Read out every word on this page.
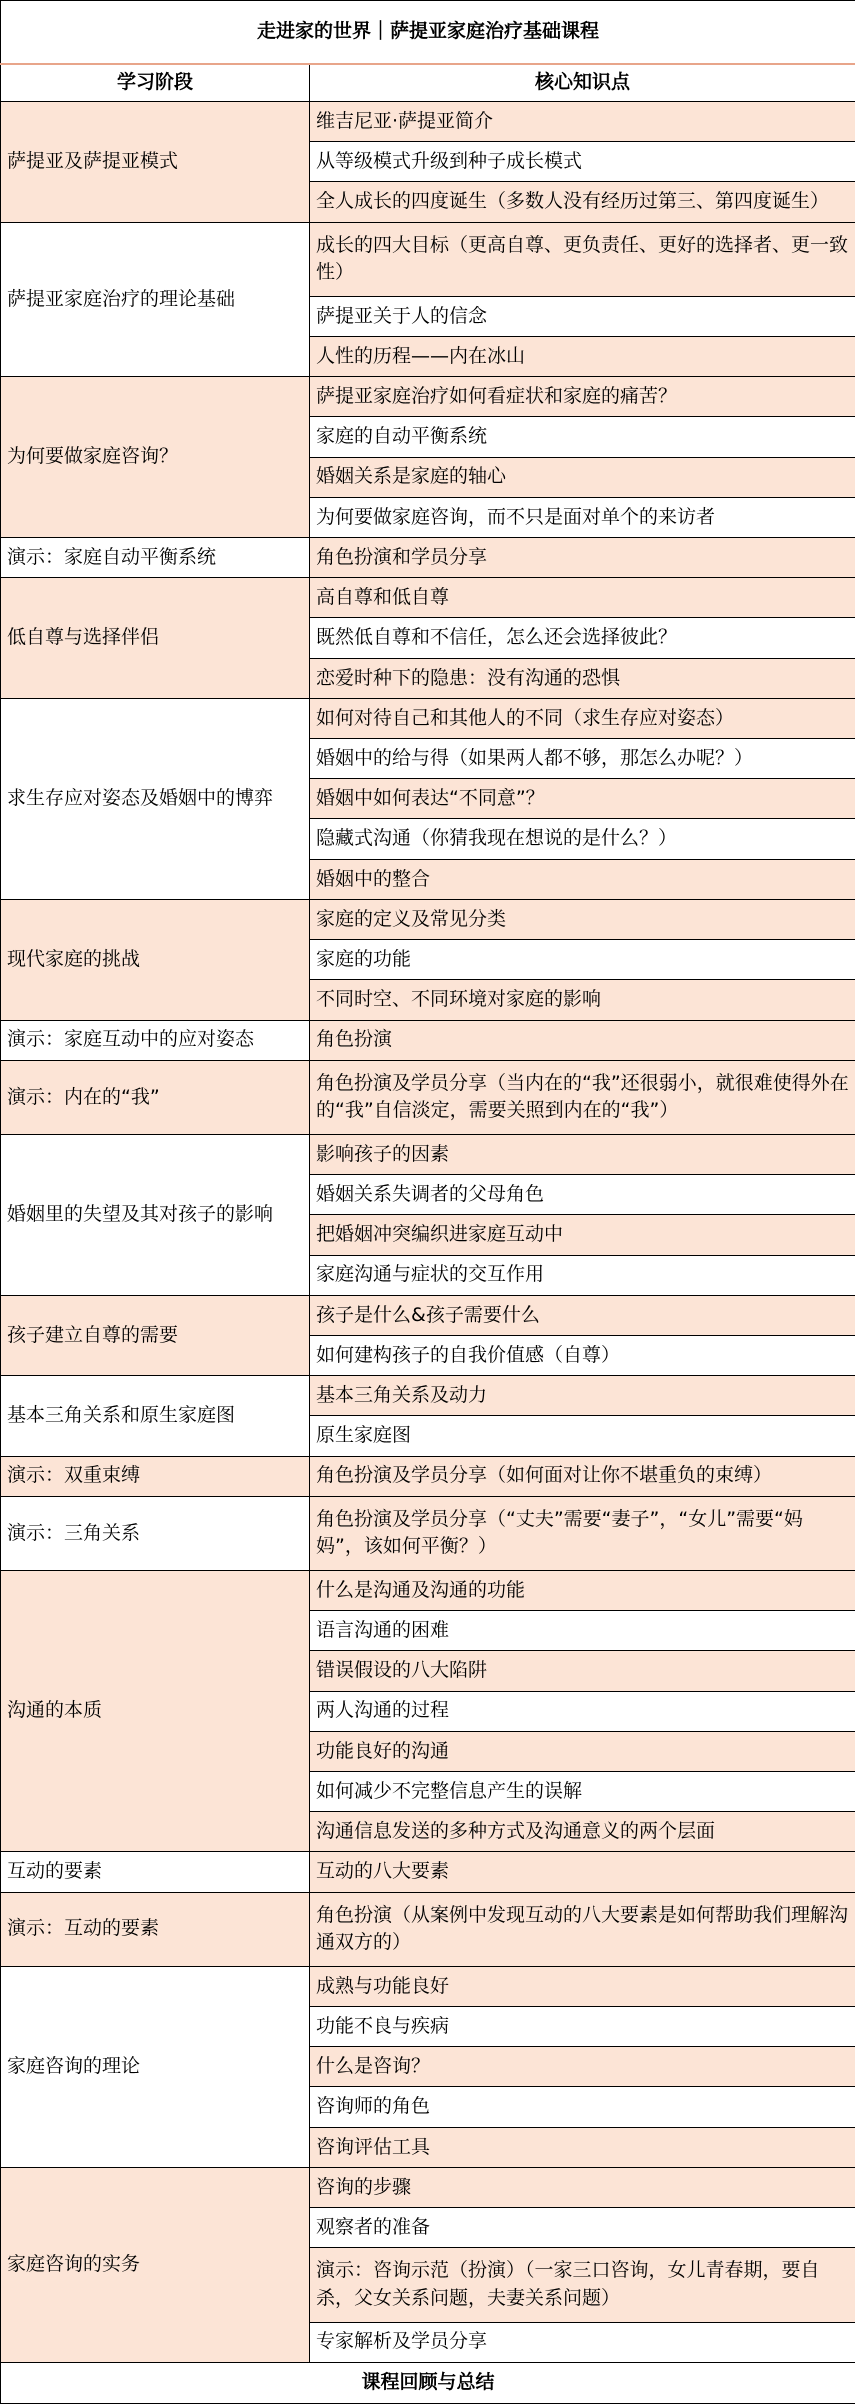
走进家的世界｜萨提亚家庭治疗基础课程	
学习阶段	核心知识点
萨提亚及萨提亚模式	维吉尼亚·萨提亚简介
	从等级模式升级到种子成长模式
	全人成长的四度诞生（多数人没有经历过第三、第四度诞生）
萨提亚家庭治疗的理论基础	成长的四大目标（更高自尊、更负责任、更好的选择者、更一致性）
	萨提亚关于人的信念
	人性的历程——内在冰山
为何要做家庭咨询？	萨提亚家庭治疗如何看症状和家庭的痛苦？
	家庭的自动平衡系统
	婚姻关系是家庭的轴心
	为何要做家庭咨询，而不只是面对单个的来访者
演示：家庭自动平衡系统	角色扮演和学员分享
低自尊与选择伴侣	高自尊和低自尊
	既然低自尊和不信任，怎么还会选择彼此？
	恋爱时种下的隐患：没有沟通的恐惧
求生存应对姿态及婚姻中的博弈	如何对待自己和其他人的不同（求生存应对姿态）
	婚姻中的给与得（如果两人都不够，那怎么办呢？）
	婚姻中如何表达“不同意”？
	隐藏式沟通（你猜我现在想说的是什么？）
	婚姻中的整合
现代家庭的挑战	家庭的定义及常见分类
	家庭的功能
	不同时空、不同环境对家庭的影响
演示：家庭互动中的应对姿态	角色扮演
演示：内在的“我”	角色扮演及学员分享（当内在的“我”还很弱小，就很难使得外在的“我”自信淡定，需要关照到内在的“我”）
婚姻里的失望及其对孩子的影响	影响孩子的因素
	婚姻关系失调者的父母角色
	把婚姻冲突编织进家庭互动中
	家庭沟通与症状的交互作用
孩子建立自尊的需要	孩子是什么&孩子需要什么
	如何建构孩子的自我价值感（自尊）
基本三角关系和原生家庭图	基本三角关系及动力
	原生家庭图
演示：双重束缚	角色扮演及学员分享（如何面对让你不堪重负的束缚）
演示：三角关系	角色扮演及学员分享（“丈夫”需要“妻子”，“女儿”需要“妈妈”，该如何平衡？）
沟通的本质	什么是沟通及沟通的功能
	语言沟通的困难
	错误假设的八大陷阱
	两人沟通的过程
	功能良好的沟通
	如何减少不完整信息产生的误解
	沟通信息发送的多种方式及沟通意义的两个层面
互动的要素	互动的八大要素
演示：互动的要素	角色扮演（从案例中发现互动的八大要素是如何帮助我们理解沟通双方的）
家庭咨询的理论	成熟与功能良好
	功能不良与疾病
	什么是咨询？
	咨询师的角色
	咨询评估工具
家庭咨询的实务	咨询的步骤
	观察者的准备
	演示：咨询示范（扮演）（一家三口咨询，女儿青春期，要自杀，父女关系问题，夫妻关系问题）
	专家解析及学员分享
课程回顾与总结	
